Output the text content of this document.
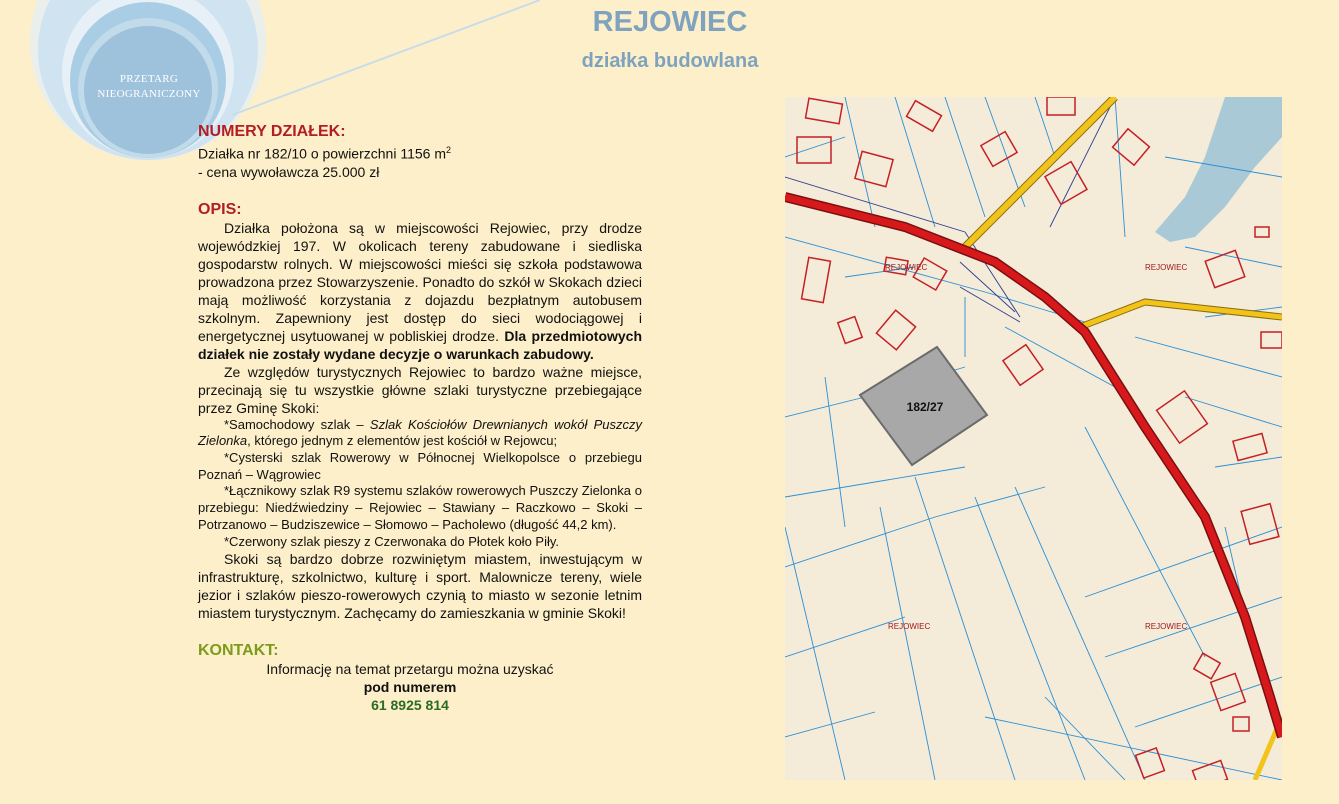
PRZETARG
NIEOGRANICZONY
REJOWIEC
działka budowlana

NUMERY DZIAŁEK:

Działka nr 182/10 o powierzchni 1156 $m^2$

- cena wywoławcza 25.000 zł

OPIS:

Działka położona są w miejscowości Rejowiec, przy drodze wojewódzkiej 197. W okolicach tereny zabudowane i siedliska gospodarstw rolnych. W miejscowości mieści się szkoła podstawowa prowadzona przez Stowarzyszenie. Ponadto do szkół w Skokach dzieci mają możliwość korzystania z dojazdu bezpłatnym autobusem szkolnym. Zapewniony jest dostęp do sieci wodociągowej i energetycznej usytuowanej w pobliskiej drodze. Dla przedmiotowych działek nie zostały wydane decyzje o warunkach zabudowy.

Ze względów turystycznych Rejowiec to bardzo ważne miejsce, przecinają się tu wszystkie główne szlaki turystyczne przebiegające przez Gminę Skoki:

*Samochodowy szlak – Szlak Kościołów Drewnianych wokół Puszczy Zielonka, którego jednym z elementów jest kościół w Rejowcu;

*Cysterski szlak Rowerowy w Północnej Wielkopolsce o przebiegu Poznań – Wągrowiec

*Łącznikowy szlak R9 systemu szlaków rowerowych Puszczy Zielonka o przebiegu: Niedźwiedziny – Rejowiec – Stawiany – Raczkowo – Skoki – Potrzanowo – Budziszewice – Słomowo – Pacholewo (długość 44,2 km).

*Czerwony szlak pieszy z Czerwonaka do Płotek koło Piły.

Skoki są bardzo dobrze rozwiniętym miastem, inwestującym w infrastrukturę, szkolnictwo, kulturę i sport. Malownicze tereny, wiele jezior i szlaków pieszo-rowerowych czynią to miasto w sezonie letnim miastem turystycznym. Zachęcamy do zamieszkania w gminie Skoki!

KONTAKT:

Informację na temat przetargu można uzyskać

pod numerem

61 8925 814

182/27
REJOWIEC	REJOWIEC
REJOWIEC	REJOWIEC
